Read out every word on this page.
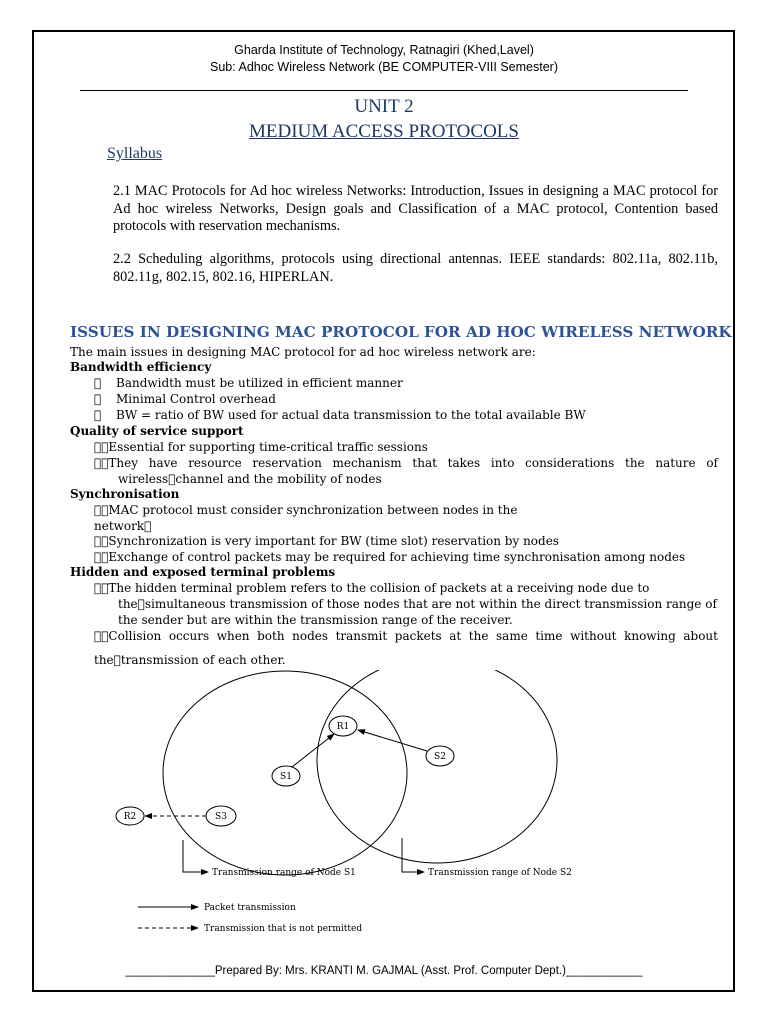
Gharda Institute of Technology, Ratnagiri (Khed,Lavel)
Sub: Adhoc Wireless Network (BE COMPUTER-VIII Semester)
UNIT 2
MEDIUM ACCESS PROTOCOLS
Syllabus
2.1 MAC Protocols for Ad hoc wireless Networks: Introduction, Issues in designing a MAC protocol for Ad hoc wireless Networks, Design goals and Classification of a MAC protocol, Contention based protocols with reservation mechanisms.
2.2 Scheduling algorithms, protocols using directional antennas. IEEE standards: 802.11a, 802.11b, 802.11g, 802.15, 802.16, HIPERLAN.
ISSUES IN DESIGNING MAC PROTOCOL FOR AD HOC WIRELESS NETWORK
The main issues in designing MAC protocol for ad hoc wireless network are:
Bandwidth efficiency
Bandwidth must be utilized in efficient manner
Minimal Control overhead
BW = ratio of BW used for actual data transmission to the total available BW
Quality of service support
Essential for supporting time-critical traffic sessions
They have resource reservation mechanism that takes into considerations the nature of
wireless channel and the mobility of nodes
Synchronisation
MAC protocol must consider synchronization between nodes in the
network
Synchronization is very important for BW (time slot) reservation by nodes
Exchange of control packets may be required for achieving time synchronisation among nodes
Hidden and exposed terminal problems
The hidden terminal problem refers to the collision of packets at a receiving node due to
the simultaneous transmission of those nodes that are not within the direct transmission range of
the sender but are within the transmission range of the receiver.
Collision occurs when both nodes transmit packets at the same time without knowing about
the transmission of each other.
R1
S1
S2
R2	S3
Transmission range of Node S1	Transmission range of Node S2
Packet transmission
Transmission that is not permitted
______________Prepared By: Mrs. KRANTI M. GAJMAL (Asst. Prof. Computer Dept.)____________
